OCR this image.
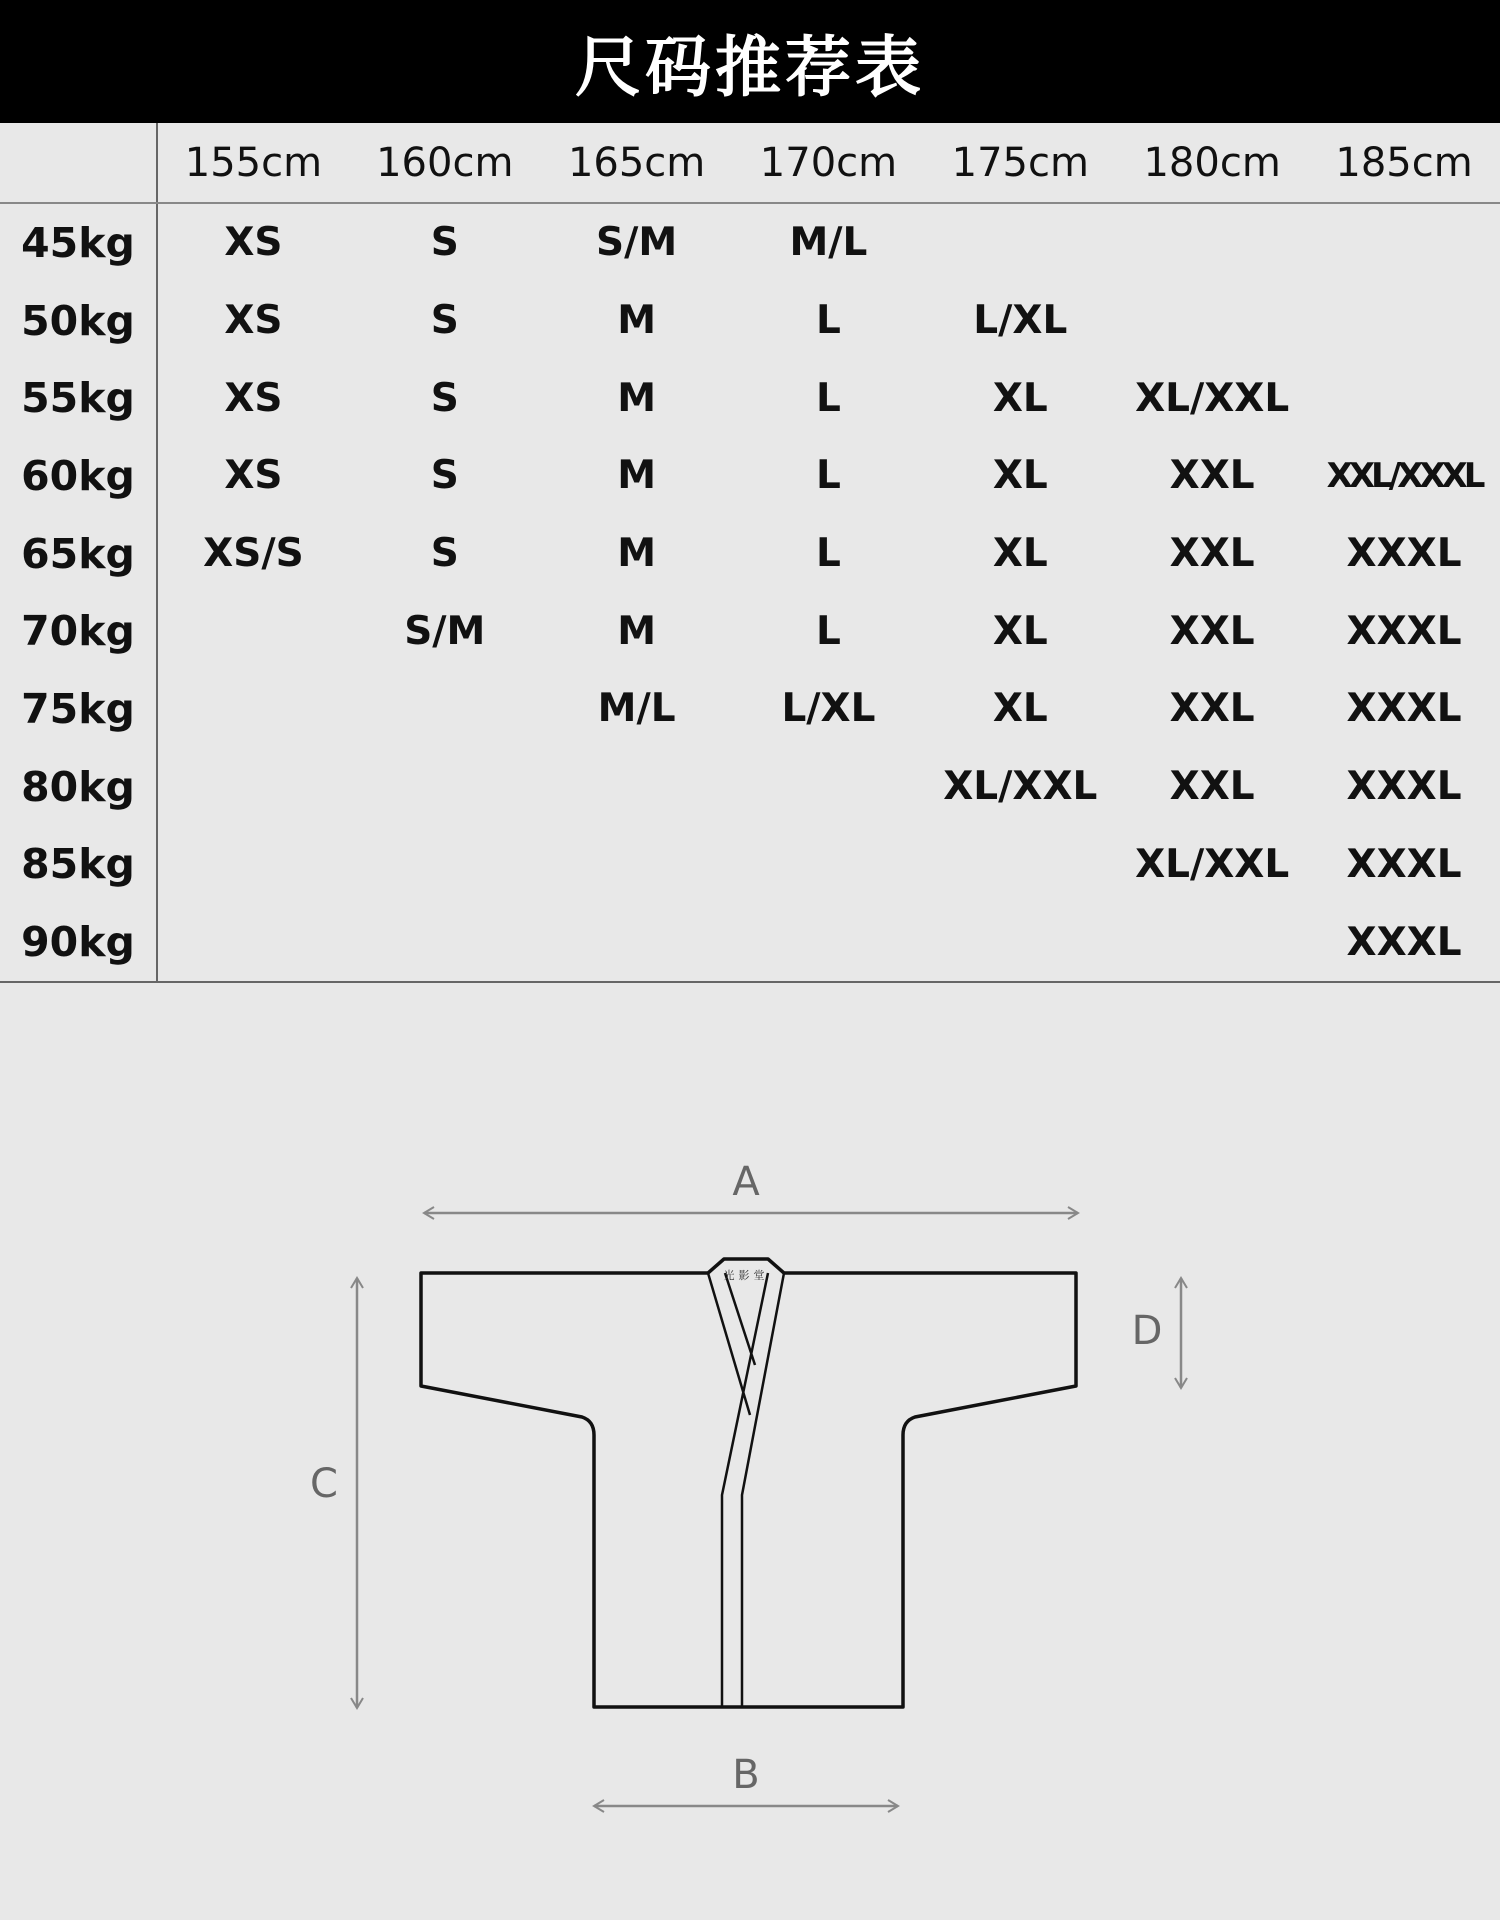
尺码推荐表
	155cm	160cm	165cm	170cm	175cm	180cm	185cm
45kg	XS	S	S/M	M/L			
50kg	XS	S	M	L	L/XL		
55kg	XS	S	M	L	XL	XL/XXL	
60kg	XS	S	M	L	XL	XXL	XXL/XXXL
65kg	XS/S	S	M	L	XL	XXL	XXXL
70kg		S/M	M	L	XL	XXL	XXXL
75kg			M/L	L/XL	XL	XXL	XXXL
80kg					XL/XXL	XXL	XXXL
85kg						XL/XXL	XXXL
90kg							XXXL
A
B
C
D
光影堂
